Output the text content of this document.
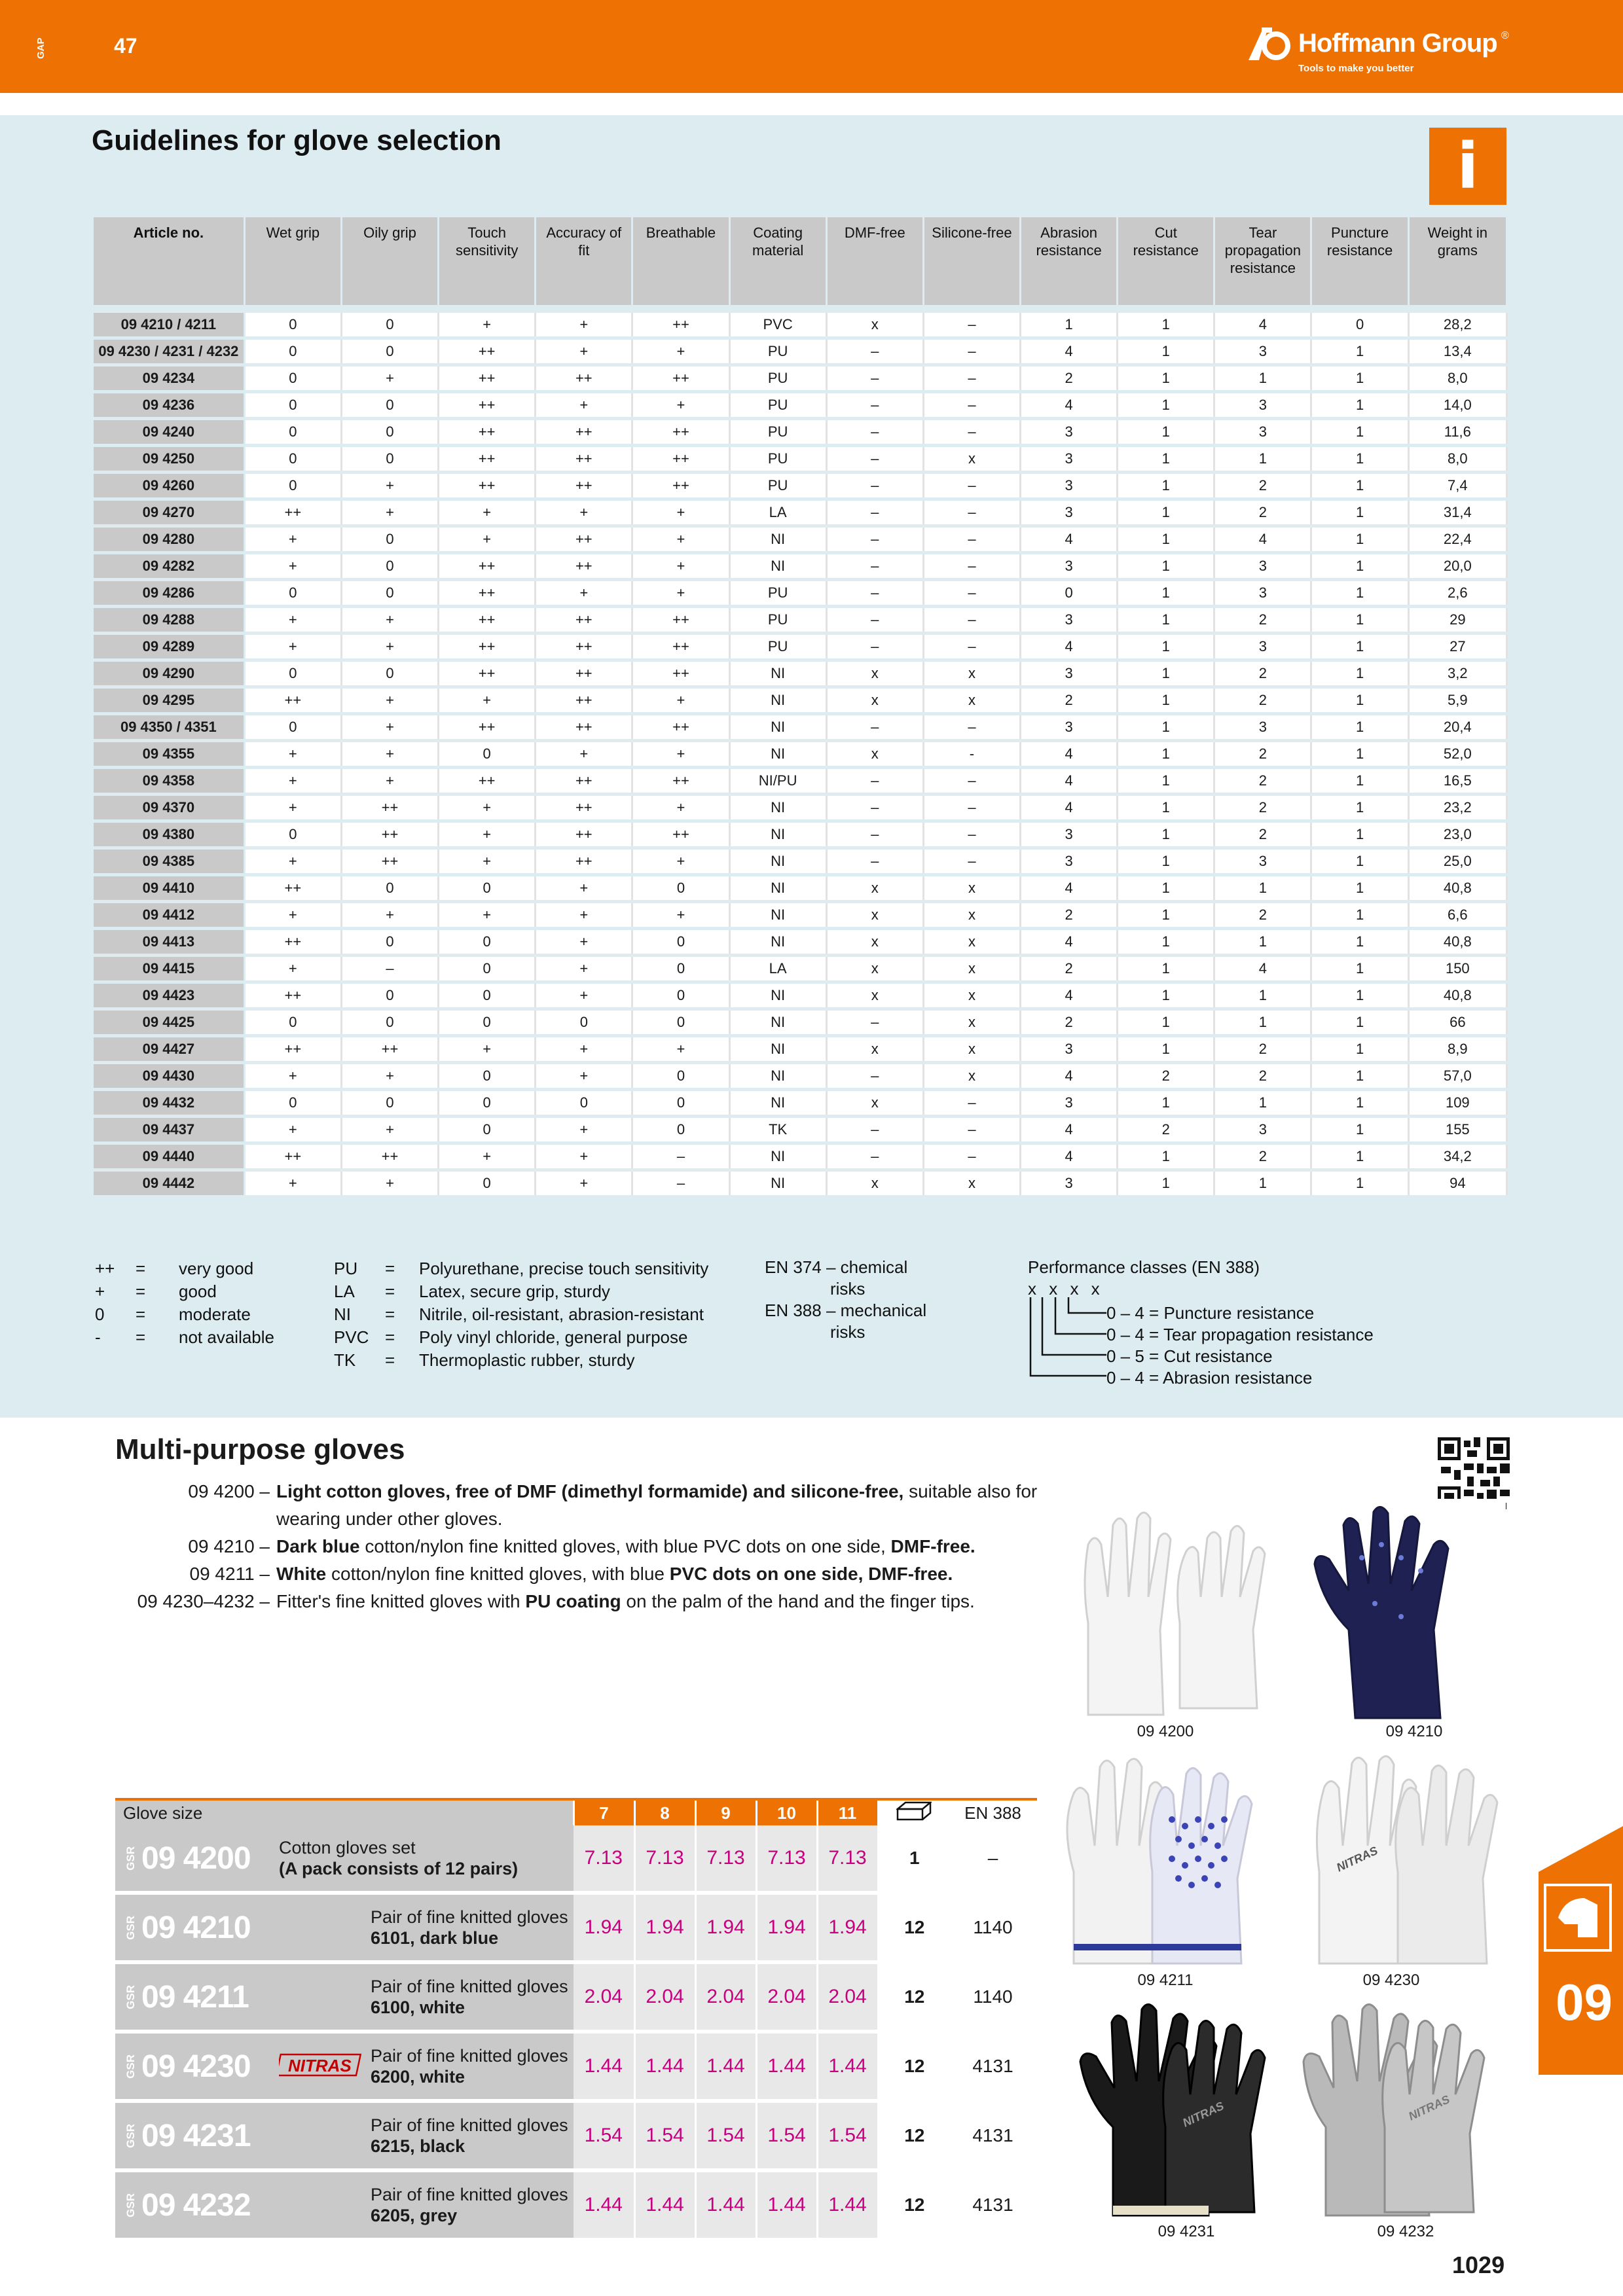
GAP	47	Hoffmann Group ®
Tools to make you better
Guidelines for glove selection	i
Article no.	Wet grip	Oily grip	Touch sensitivity	Accuracy of fit	Breathable	Coating material	DMF-free	Silicone-free	Abrasion resistance	Cut resistance	Tear propagation resistance	Puncture resistance	Weight in grams
09 4210 / 4211	0	0	+	+	++	PVC	x	–	1	1	4	0	28,2
09 4230 / 4231 / 4232	0	0	++	+	+	PU	–	–	4	1	3	1	13,4
09 4234	0	+	++	++	++	PU	–	–	2	1	1	1	8,0
09 4236	0	0	++	+	+	PU	–	–	4	1	3	1	14,0
09 4240	0	0	++	++	++	PU	–	–	3	1	3	1	11,6
09 4250	0	0	++	++	++	PU	–	x	3	1	1	1	8,0
09 4260	0	+	++	++	++	PU	–	–	3	1	2	1	7,4
09 4270	++	+	+	+	+	LA	–	–	3	1	2	1	31,4
09 4280	+	0	+	++	+	NI	–	–	4	1	4	1	22,4
09 4282	+	0	++	++	+	NI	–	–	3	1	3	1	20,0
09 4286	0	0	++	+	+	PU	–	–	0	1	3	1	2,6
09 4288	+	+	++	++	++	PU	–	–	3	1	2	1	29
09 4289	+	+	++	++	++	PU	–	–	4	1	3	1	27
09 4290	0	0	++	++	++	NI	x	x	3	1	2	1	3,2
09 4295	++	+	+	++	+	NI	x	x	2	1	2	1	5,9
09 4350 / 4351	0	+	++	++	++	NI	–	–	3	1	3	1	20,4
09 4355	+	+	0	+	+	NI	x	-	4	1	2	1	52,0
09 4358	+	+	++	++	++	NI/PU	–	–	4	1	2	1	16,5
09 4370	+	++	+	++	+	NI	–	–	4	1	2	1	23,2
09 4380	0	++	+	++	++	NI	–	–	3	1	2	1	23,0
09 4385	+	++	+	++	+	NI	–	–	3	1	3	1	25,0
09 4410	++	0	0	+	0	NI	x	x	4	1	1	1	40,8
09 4412	+	+	+	+	+	NI	x	x	2	1	2	1	6,6
09 4413	++	0	0	+	0	NI	x	x	4	1	1	1	40,8
09 4415	+	–	0	+	0	LA	x	x	2	1	4	1	150
09 4423	++	0	0	+	0	NI	x	x	4	1	1	1	40,8
09 4425	0	0	0	0	0	NI	–	x	2	1	1	1	66
09 4427	++	++	+	+	+	NI	x	x	3	1	2	1	8,9
09 4430	+	+	0	+	0	NI	–	x	4	2	2	1	57,0
09 4432	0	0	0	0	0	NI	x	–	3	1	1	1	109
09 4437	+	+	0	+	0	TK	–	–	4	2	3	1	155
09 4440	++	++	+	+	–	NI	–	–	4	1	2	1	34,2
09 4442	+	+	0	+	–	NI	x	x	3	1	1	1	94
++	=	very good
+	=	good
0	=	moderate
-	=	not available
PU	=	Polyurethane, precise touch sensitivity
LA	=	Latex, secure grip, sturdy
NI	=	Nitrile, oil-resistant, abrasion-resistant
PVC	=	Poly vinyl chloride, general purpose
TK	=	Thermoplastic rubber, sturdy
EN 374 – chemical
risks
EN 388 – mechanical
risks
Performance classes (EN 388)
x x x x
0 – 4 = Puncture resistance
0 – 4 = Tear propagation resistance
0 – 5 = Cut resistance
0 – 4 = Abrasion resistance
Multi-purpose gloves
09 4200 – Light cotton gloves, free of DMF (dimethyl formamide) and silicone-free, suitable also for wearing under other gloves.
09 4210 – Dark blue cotton/nylon fine knitted gloves, with blue PVC dots on one side, DMF-free.
09 4211 – White cotton/nylon fine knitted gloves, with blue PVC dots on one side, DMF-free.
09 4230–4232 – Fitter's fine knitted gloves with PU coating on the palm of the hand and the finger tips.
09 4200	09 4210
09 4211
NITRAS
09 4230
NITRAS
09 4231
NITRAS
09 4232
Glove size		7	8	9	10	11		EN 388

GSR 09 4200	Cotton gloves set
(A pack consists of 12 pairs)	7.13	7.13	7.13	7.13	7.13	1	–

GSR 09 4210	Pair of fine knitted gloves
6101, dark blue	1.94	1.94	1.94	1.94	1.94	12	1140

GSR 09 4211	Pair of fine knitted gloves
6100, white	2.04	2.04	2.04	2.04	2.04	12	1140

GSR 09 4230	NITRAS Pair of fine knitted gloves
6200, white	1.44	1.44	1.44	1.44	1.44	12	4131

GSR 09 4231	Pair of fine knitted gloves
6215, black	1.54	1.54	1.54	1.54	1.54	12	4131

GSR 09 4232	Pair of fine knitted gloves
6205, grey	1.44	1.44	1.44	1.44	1.44	12	4131
09
1029
